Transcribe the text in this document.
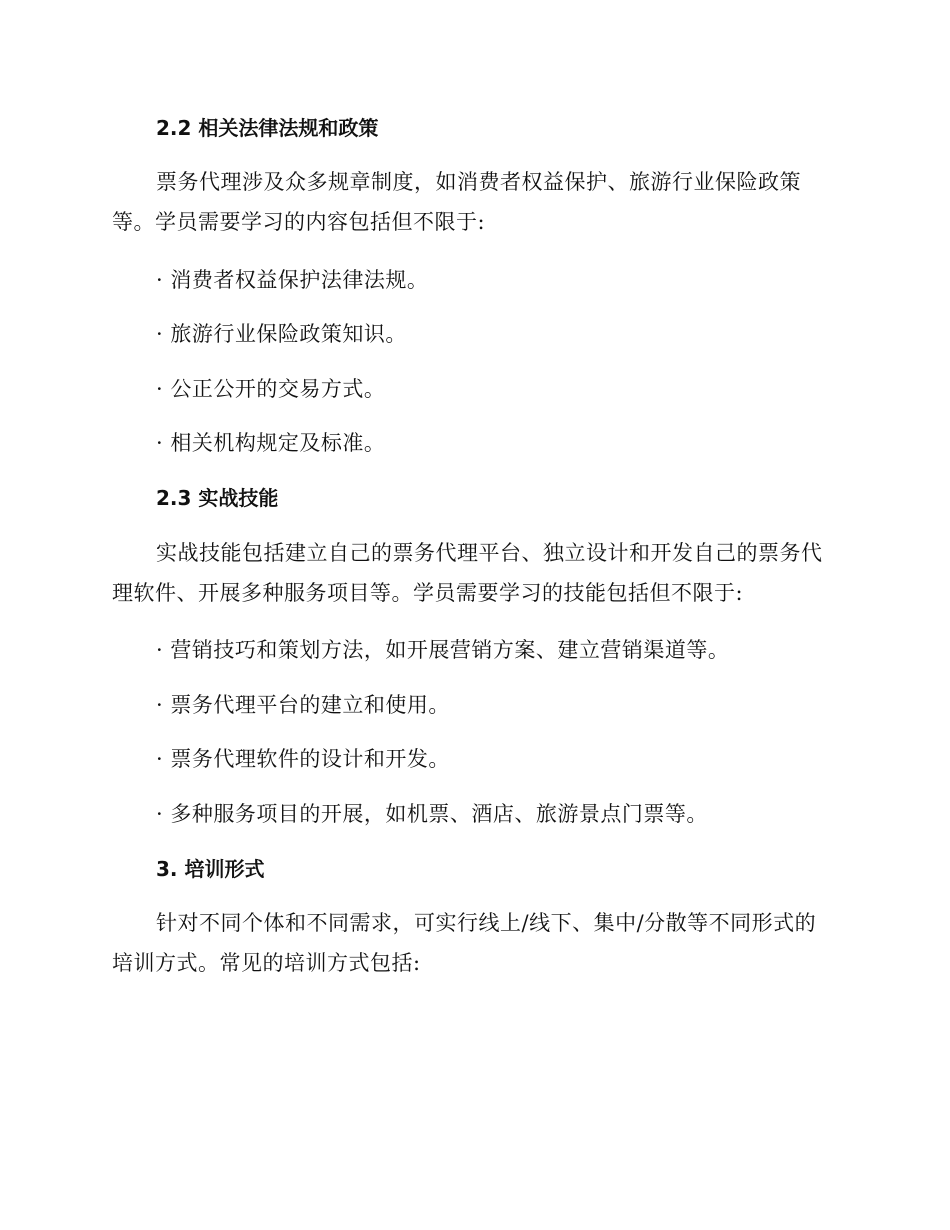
2.2 相关法律法规和政策
票务代理涉及众多规章制度，如消费者权益保护、旅游行业保险政策等。学员需要学习的内容包括但不限于:
· 消费者权益保护法律法规。
· 旅游行业保险政策知识。
· 公正公开的交易方式。
· 相关机构规定及标准。
2.3 实战技能
实战技能包括建立自己的票务代理平台、独立设计和开发自己的票务代理软件、开展多种服务项目等。学员需要学习的技能包括但不限于:
· 营销技巧和策划方法，如开展营销方案、建立营销渠道等。
· 票务代理平台的建立和使用。
· 票务代理软件的设计和开发。
· 多种服务项目的开展，如机票、酒店、旅游景点门票等。
3. 培训形式
针对不同个体和不同需求，可实行线上/线下、集中/分散等不同形式的培训方式。常见的培训方式包括:
